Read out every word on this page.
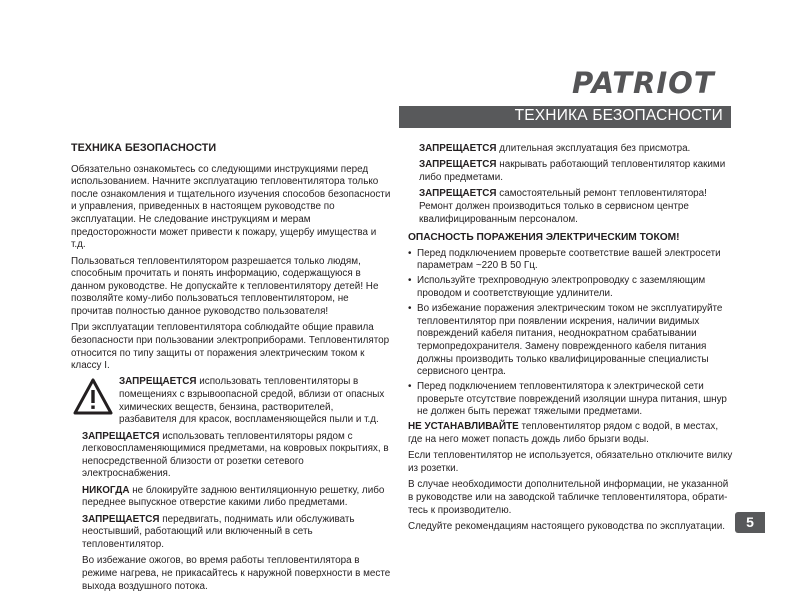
PATRIOT
ТЕХНИКА БЕЗОПАСНОСТИ
ТЕХНИКА БЕЗОПАСНОСТИ

Обязательно ознакомьтесь со следующими инструкциями перед использованием. Начните эксплуатацию тепловентилятора только после ознакомления и тщательного изучения способов безопасности и управления, приведенных в настоящем руководстве по эксплуатации. Не следование инструкциям и мерам предосторожности может привести к пожару, ущербу имущества и т.д.

Пользоваться тепловентилятором разрешается только людям, способным прочитать и понять информацию, содержащуюся в данном руководстве. Не допускайте к тепловентилятору детей! Не позволяйте кому-либо пользоваться тепловентилятором, не прочитав полностью данное руководство пользователя!

При эксплуатации тепловентилятора соблюдайте общие правила безопасности при пользовании электроприборами. Тепловентилятор относится по типу защиты от поражения электрическим током к классу I.

ЗАПРЕЩАЕТСЯ использовать тепловентиляторы в помещениях с взрывоопасной средой, вблизи от опасных химических веществ, бензина, растворителей, разбавителя для красок, воспламеняющейся пыли и т.д.

ЗАПРЕЩАЕТСЯ использовать тепловентиляторы рядом с легковоспламеняющимися предметами, на ковровых покрытиях, в непосредственной близости от розетки сетевого электроснабжения.

НИКОГДА не блокируйте заднюю вентиляционную решетку, либо переднее выпускное отверстие какими либо предметами.

ЗАПРЕЩАЕТСЯ передвигать, поднимать или обслуживать неостывший, работающий или включенный в сеть тепловентилятор.

Во избежание ожогов, во время работы тепловентилятора в режиме нагрева, не прикасайтесь к наружной поверхности в месте выхода воздушного потока.

ЗАПРЕЩАЕТСЯ длительная эксплуатация без присмотра.

ЗАПРЕЩАЕТСЯ накрывать работающий тепловентилятор какими либо предметами.

ЗАПРЕЩАЕТСЯ самостоятельный ремонт тепловентилятора! Ремонт должен производиться только в сервисном центре квалифицированным персоналом.

ОПАСНОСТЬ ПОРАЖЕНИЯ ЭЛЕКТРИЧЕСКИМ ТОКОМ!
• Перед подключением проверьте соответствие вашей электросети параметрам ~220 В 50 Гц.
• Используйте трехпроводную электропроводку с заземляющим проводом и соответствующие удлинители.
• Во избежание поражения электрическим током не эксплуатируйте тепловентилятор при появлении искрения, наличии видимых повреждений кабеля питания, неоднократном срабатывании термопредохранителя. Замену поврежденного кабеля питания должны производить только квалифицированные специалисты сервисного центра.
• Перед подключением тепловентилятора к электрической сети проверьте отсутствие повреждений изоляции шнура питания, шнур не должен быть пережат тяжелыми предметами.

НЕ УСТАНАВЛИВАЙТЕ тепловентилятор рядом с водой, в местах, где на него может попасть дождь либо брызги воды.

Если тепловентилятор не используется, обязательно отключите вилку из розетки.

В случае необходимости дополнительной информации, не указанной в руководстве или на заводской табличке тепловентилятора, обрати-тесь к производителю.

Следуйте рекомендациям настоящего руководства по эксплуатации.	5
